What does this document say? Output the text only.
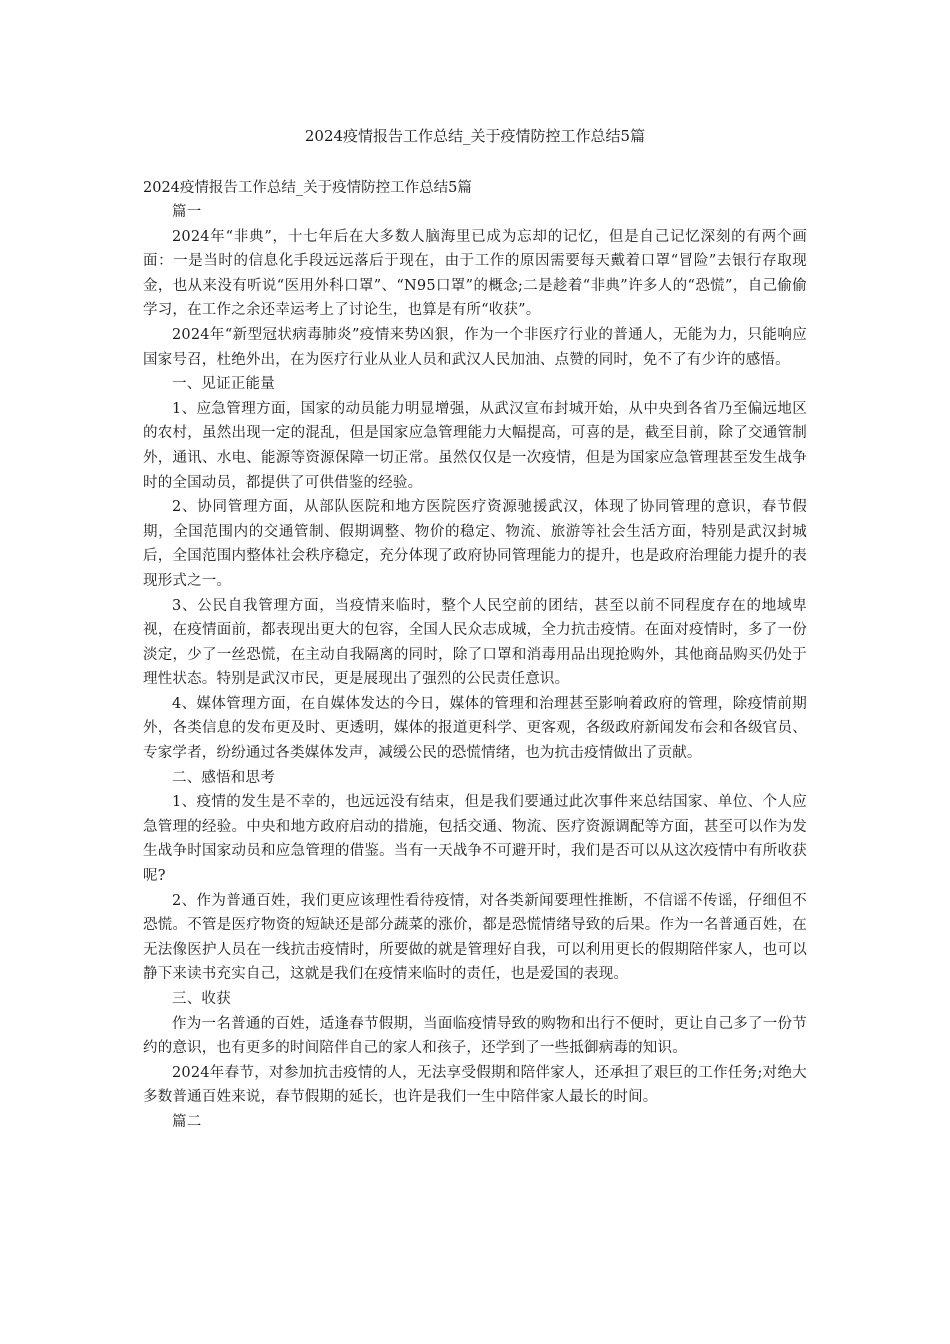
2024疫情报告工作总结_关于疫情防控工作总结5篇

2024疫情报告工作总结_关于疫情防控工作总结5篇

篇一

2024年“非典”，十七年后在大多数人脑海里已成为忘却的记忆，但是自己记忆深刻的有两个画面：一是当时的信息化手段远远落后于现在，由于工作的原因需要每天戴着口罩“冒险”去银行存取现金，也从来没有听说“医用外科口罩”、“N95口罩”的概念;二是趁着“非典”许多人的“恐慌”，自己偷偷学习，在工作之余还幸运考上了讨论生，也算是有所“收获”。

2024年“新型冠状病毒肺炎”疫情来势凶狠，作为一个非医疗行业的普通人，无能为力，只能响应国家号召，杜绝外出，在为医疗行业从业人员和武汉人民加油、点赞的同时，免不了有少许的感悟。

一、见证正能量

1、应急管理方面，国家的动员能力明显增强，从武汉宣布封城开始，从中央到各省乃至偏远地区的农村，虽然出现一定的混乱，但是国家应急管理能力大幅提高，可喜的是，截至目前，除了交通管制外，通讯、水电、能源等资源保障一切正常。虽然仅仅是一次疫情，但是为国家应急管理甚至发生战争时的全国动员，都提供了可供借鉴的经验。

2、协同管理方面，从部队医院和地方医院医疗资源驰援武汉，体现了协同管理的意识，春节假期，全国范围内的交通管制、假期调整、物价的稳定、物流、旅游等社会生活方面，特别是武汉封城后，全国范围内整体社会秩序稳定，充分体现了政府协同管理能力的提升，也是政府治理能力提升的表现形式之一。

3、公民自我管理方面，当疫情来临时，整个人民空前的团结，甚至以前不同程度存在的地域卑视，在疫情面前，都表现出更大的包容，全国人民众志成城，全力抗击疫情。在面对疫情时，多了一份淡定，少了一丝恐慌，在主动自我隔离的同时，除了口罩和消毒用品出现抢购外，其他商品购买仍处于理性状态。特别是武汉市民，更是展现出了强烈的公民责任意识。

4、媒体管理方面，在自媒体发达的今日，媒体的管理和治理甚至影响着政府的管理，除疫情前期外，各类信息的发布更及时、更透明，媒体的报道更科学、更客观，各级政府新闻发布会和各级官员、专家学者，纷纷通过各类媒体发声，减缓公民的恐慌情绪，也为抗击疫情做出了贡献。

二、感悟和思考

1、疫情的发生是不幸的，也远远没有结束，但是我们要通过此次事件来总结国家、单位、个人应急管理的经验。中央和地方政府启动的措施，包括交通、物流、医疗资源调配等方面，甚至可以作为发生战争时国家动员和应急管理的借鉴。当有一天战争不可避开时，我们是否可以从这次疫情中有所收获呢?

2、作为普通百姓，我们更应该理性看待疫情，对各类新闻要理性推断，不信谣不传谣，仔细但不恐慌。不管是医疗物资的短缺还是部分蔬菜的涨价，都是恐慌情绪导致的后果。作为一名普通百姓，在无法像医护人员在一线抗击疫情时，所要做的就是管理好自我，可以利用更长的假期陪伴家人，也可以静下来读书充实自己，这就是我们在疫情来临时的责任，也是爱国的表现。

三、收获

作为一名普通的百姓，适逢春节假期，当面临疫情导致的购物和出行不便时，更让自己多了一份节约的意识，也有更多的时间陪伴自己的家人和孩子，还学到了一些抵御病毒的知识。

2024年春节，对参加抗击疫情的人，无法享受假期和陪伴家人，还承担了艰巨的工作任务;对绝大多数普通百姓来说，春节假期的延长，也许是我们一生中陪伴家人最长的时间。

篇二
